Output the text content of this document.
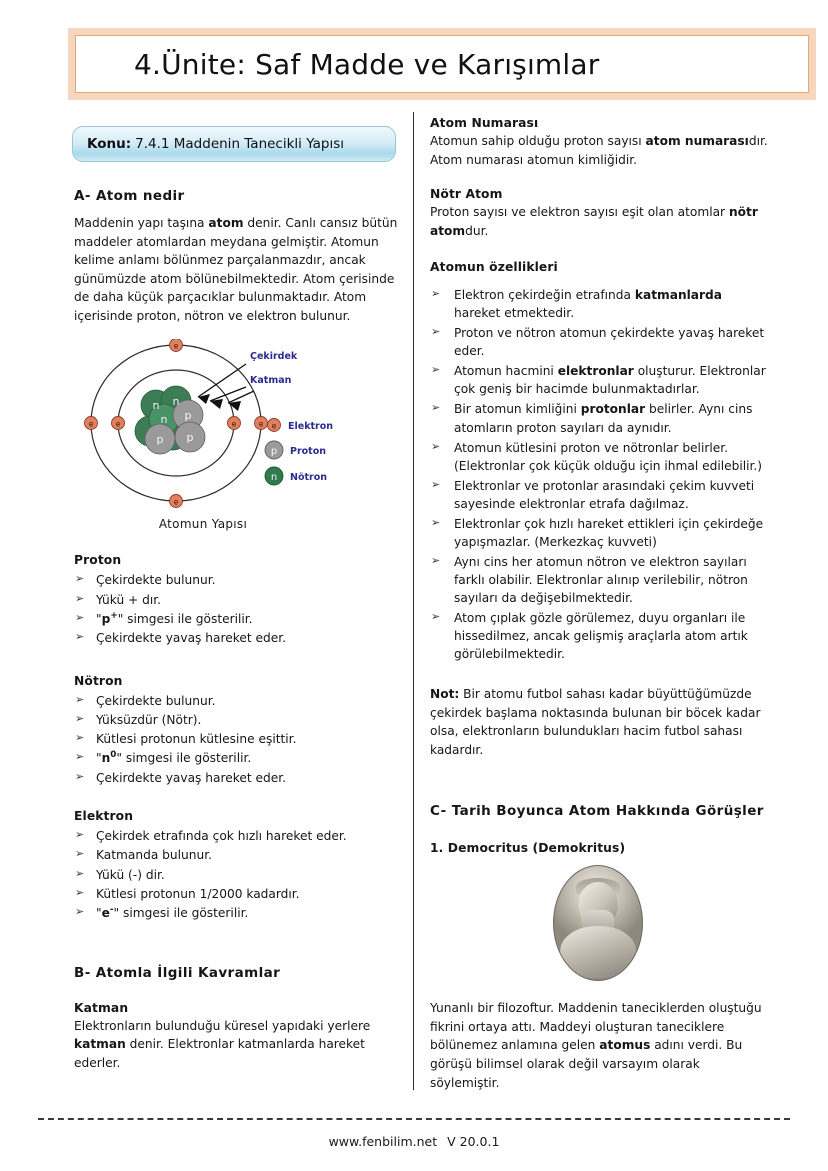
4.Ünite: Saf Madde ve Karışımlar
Konu: 7.4.1 Maddenin Tanecikli Yapısı
A- Atom nedir

Maddenin yapı taşına atom denir. Canlı cansız bütün maddeler atomlardan meydana gelmiştir. Atomun kelime anlamı bölünmez parçalanmazdır, ancak günümüzde atom bölünebilmektedir. Atom çerisinde de daha küçük parçacıklar bulunmaktadır. Atom içerisinde proton, nötron ve elektron bulunur.

n n
n p
p p
e
e
e	e
e	e
Çekirdek
Katman
e Elektron
p Proton
n Nötron
Atomun Yapısı
Proton
➢ Çekirdekte bulunur.
➢ Yükü + dır.
➢ "p+" simgesi ile gösterilir.
➢ Çekirdekte yavaş hareket eder.
Nötron
➢ Çekirdekte bulunur.
➢ Yüksüzdür (Nötr).
➢ Kütlesi protonun kütlesine eşittir.
➢ "$n^0$" simgesi ile gösterilir.
➢ Çekirdekte yavaş hareket eder.
Elektron
➢ Çekirdek etrafında çok hızlı hareket eder.
➢ Katmanda bulunur.
➢ Yükü (-) dir.
➢ Kütlesi protonun 1/2000 kadardır.
➢ "e-" simgesi ile gösterilir.
B- Atomla İlgili Kavramlar
Katman

Elektronların bulunduğu küresel yapıdaki yerlere katman denir. Elektronlar katmanlarda hareket ederler.

Atom Numarası

Atomun sahip olduğu proton sayısı atom numarasıdır. Atom numarası atomun kimliğidir.

Nötr Atom

Proton sayısı ve elektron sayısı eşit olan atomlar nötr atomdur.

Atomun özellikleri
➢ Elektron çekirdeğin etrafında katmanlarda hareket etmektedir.
➢ Proton ve nötron atomun çekirdekte yavaş hareket eder.
➢ Atomun hacmini elektronlar oluşturur. Elektronlar çok geniş bir hacimde bulunmaktadırlar.
➢ Bir atomun kimliğini protonlar belirler. Aynı cins atomların proton sayıları da aynıdır.
➢ Atomun kütlesini proton ve nötronlar belirler. (Elektronlar çok küçük olduğu için ihmal edilebilir.)
➢ Elektronlar ve protonlar arasındaki çekim kuvveti sayesinde elektronlar etrafa dağılmaz.
➢ Elektronlar çok hızlı hareket ettikleri için çekirdeğe yapışmazlar. (Merkezkaç kuvveti)
➢ Aynı cins her atomun nötron ve elektron sayıları farklı olabilir. Elektronlar alınıp verilebilir, nötron sayıları da değişebilmektedir.
➢ Atom çıplak gözle görülemez, duyu organları ile hissedilmez, ancak gelişmiş araçlarla atom artık görülebilmektedir.

Not: Bir atomu futbol sahası kadar büyüttüğümüzde çekirdek başlama noktasında bulunan bir böcek kadar olsa, elektronların bulundukları hacim futbol sahası kadardır.

C- Tarih Boyunca Atom Hakkında Görüşler
1. Democritus (Demokritus)

Yunanlı bir filozoftur. Maddenin taneciklerden oluştuğu fikrini ortaya attı. Maddeyi oluşturan taneciklere bölünemez anlamına gelen atomus adını verdi. Bu görüşü bilimsel olarak değil varsayım olarak söylemiştir.

www.fenbilim.net V 20.0.1
